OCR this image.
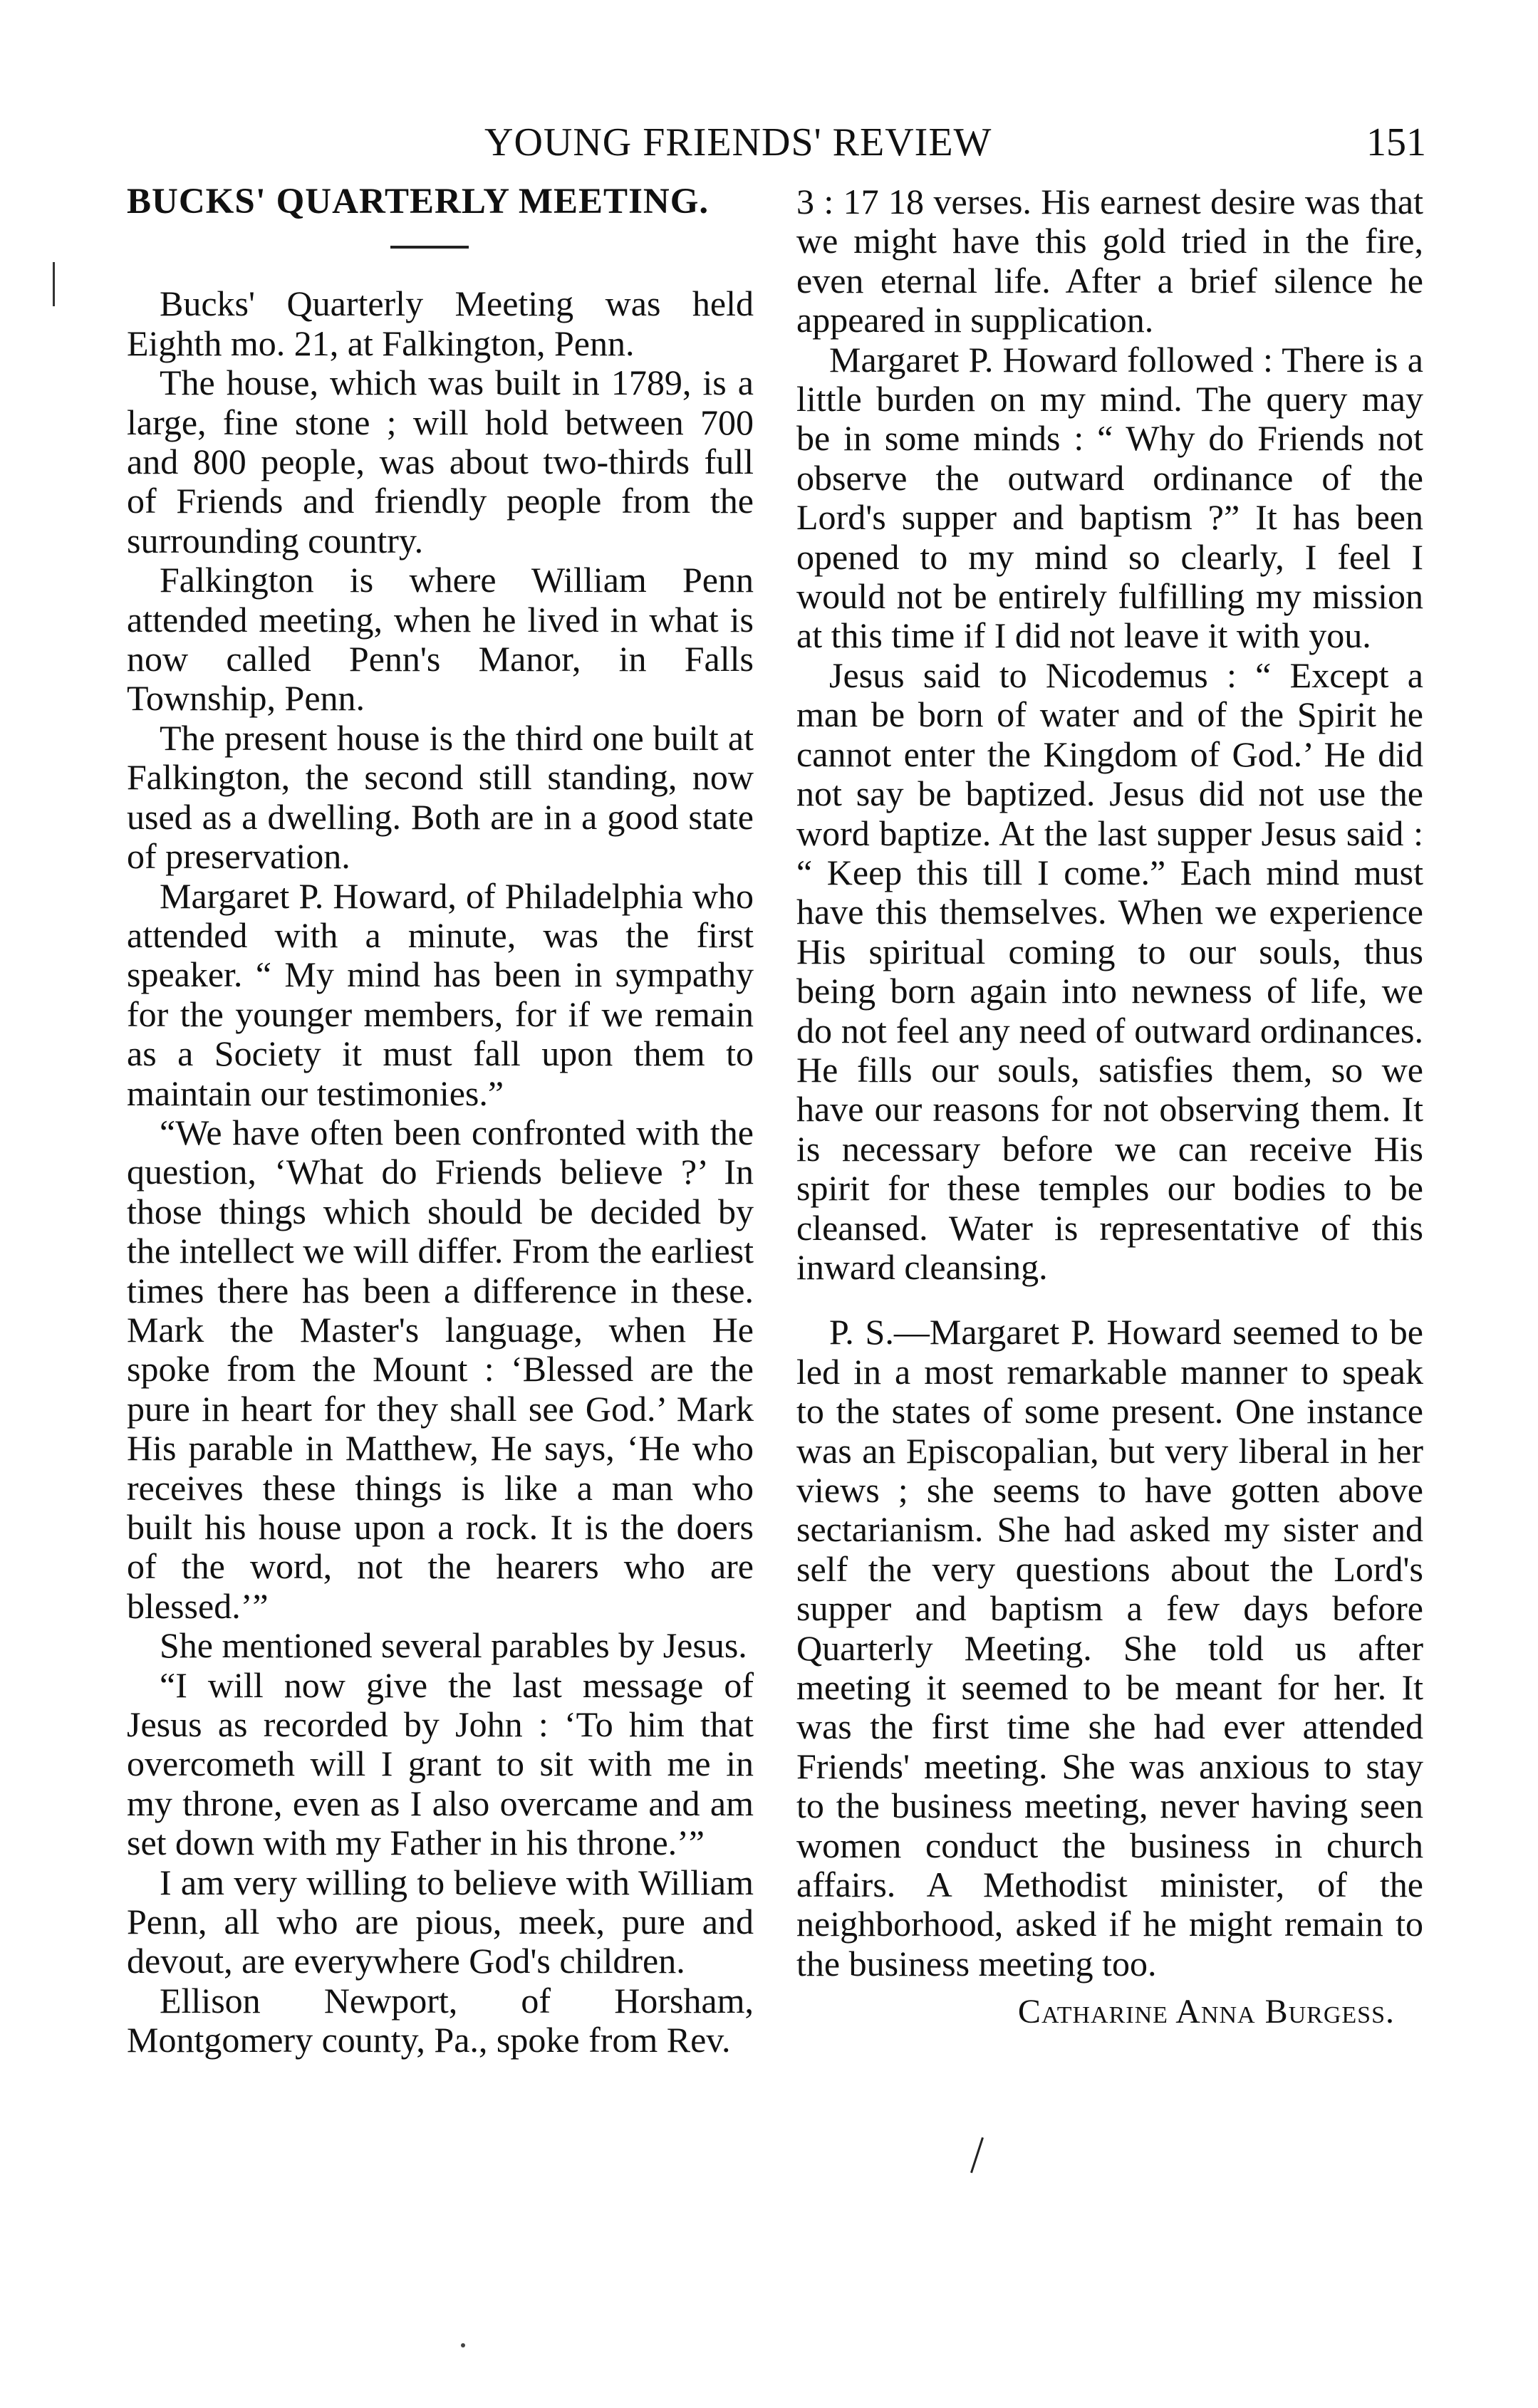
YOUNG FRIENDS' REVIEW	151
BUCKS' QUARTERLY MEETING.

Bucks' Quarterly Meeting was held Eighth mo. 21, at Falkington, Penn.

The house, which was built in 1789, is a large, fine stone ; will hold between 700 and 800 people, was about two-thirds full of Friends and friendly people from the surrounding country.

Falkington is where William Penn attended meeting, when he lived in what is now called Penn's Manor, in Falls Township, Penn.

The present house is the third one built at Falkington, the second still standing, now used as a dwelling. Both are in a good state of preservation.

Margaret P. Howard, of Philadelphia who attended with a minute, was the first speaker. “ My mind has been in sympathy for the younger members, for if we remain as a Society it must fall upon them to maintain our testimonies.”

“We have often been confronted with the question, ‘What do Friends believe ?’ In those things which should be decided by the intellect we will differ. From the earliest times there has been a difference in these. Mark the Master's language, when He spoke from the Mount : ‘Blessed are the pure in heart for they shall see God.’ Mark His parable in Matthew, He says, ‘He who receives these things is like a man who built his house upon a rock. It is the doers of the word, not the hearers who are blessed.’”

She mentioned several parables by Jesus.

“I will now give the last message of Jesus as recorded by John : ‘To him that overcometh will I grant to sit with me in my throne, even as I also overcame and am set down with my Father in his throne.’”

I am very willing to believe with William Penn, all who are pious, meek, pure and devout, are everywhere God's children.

Ellison Newport, of Horsham, Montgomery county, Pa., spoke from Rev.

3 : 17 18 verses. His earnest desire was that we might have this gold tried in the fire, even eternal life. After a brief silence he appeared in supplication.

Margaret P. Howard followed : There is a little burden on my mind. The query may be in some minds : “ Why do Friends not observe the outward ordinance of the Lord's supper and baptism ?” It has been opened to my mind so clearly, I feel I would not be entirely fulfilling my mission at this time if I did not leave it with you.

Jesus said to Nicodemus : “ Except a man be born of water and of the Spirit he cannot enter the Kingdom of God.’ He did not say be baptized. Jesus did not use the word baptize. At the last supper Jesus said : “ Keep this till I come.” Each mind must have this themselves. When we experience His spiritual coming to our souls, thus being born again into newness of life, we do not feel any need of outward ordinances. He fills our souls, satisfies them, so we have our reasons for not observing them. It is necessary before we can receive His spirit for these temples our bodies to be cleansed. Water is representative of this inward cleansing.

P. S.—Margaret P. Howard seemed to be led in a most remarkable manner to speak to the states of some present. One instance was an Episcopalian, but very liberal in her views ; she seems to have gotten above sectarianism. She had asked my sister and self the very questions about the Lord's supper and baptism a few days before Quarterly Meeting. She told us after meeting it seemed to be meant for her. It was the first time she had ever attended Friends' meeting. She was anxious to stay to the business meeting, never having seen women conduct the business in church affairs. A Methodist minister, of the neighborhood, asked if he might remain to the business meeting too.

Catharine Anna Burgess.
